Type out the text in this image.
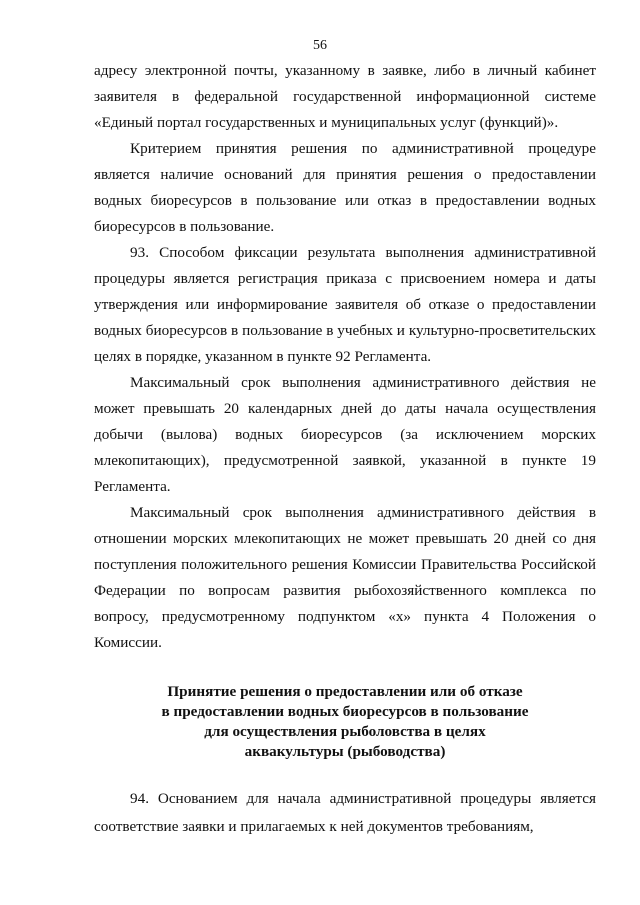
56

адресу электронной почты, указанному в заявке, либо в личный кабинет заявителя в федеральной государственной информационной системе «Единый портал государственных и муниципальных услуг (функций)».

Критерием принятия решения по административной процедуре является наличие оснований для принятия решения о предоставлении водных биоресурсов в пользование или отказ в предоставлении водных биоресурсов в пользование.

93. Способом фиксации результата выполнения административной процедуры является регистрация приказа с присвоением номера и даты утверждения или информирование заявителя об отказе о предоставлении водных биоресурсов в пользование в учебных и культурно-просветительских целях в порядке, указанном в пункте 92 Регламента.

Максимальный срок выполнения административного действия не может превышать 20 календарных дней до даты начала осуществления добычи (вылова) водных биоресурсов (за исключением морских млекопитающих), предусмотренной заявкой, указанной в пункте 19 Регламента.

Максимальный срок выполнения административного действия в отношении морских млекопитающих не может превышать 20 дней со дня поступления положительного решения Комиссии Правительства Российской Федерации по вопросам развития рыбохозяйственного комплекса по вопросу, предусмотренному подпунктом «х» пункта 4 Положения о Комиссии.

Принятие решения о предоставлении или об отказе
в предоставлении водных биоресурсов в пользование
для осуществления рыболовства в целях
аквакультуры (рыбоводства)

94. Основанием для начала административной процедуры является соответствие заявки и прилагаемых к ней документов требованиям,
